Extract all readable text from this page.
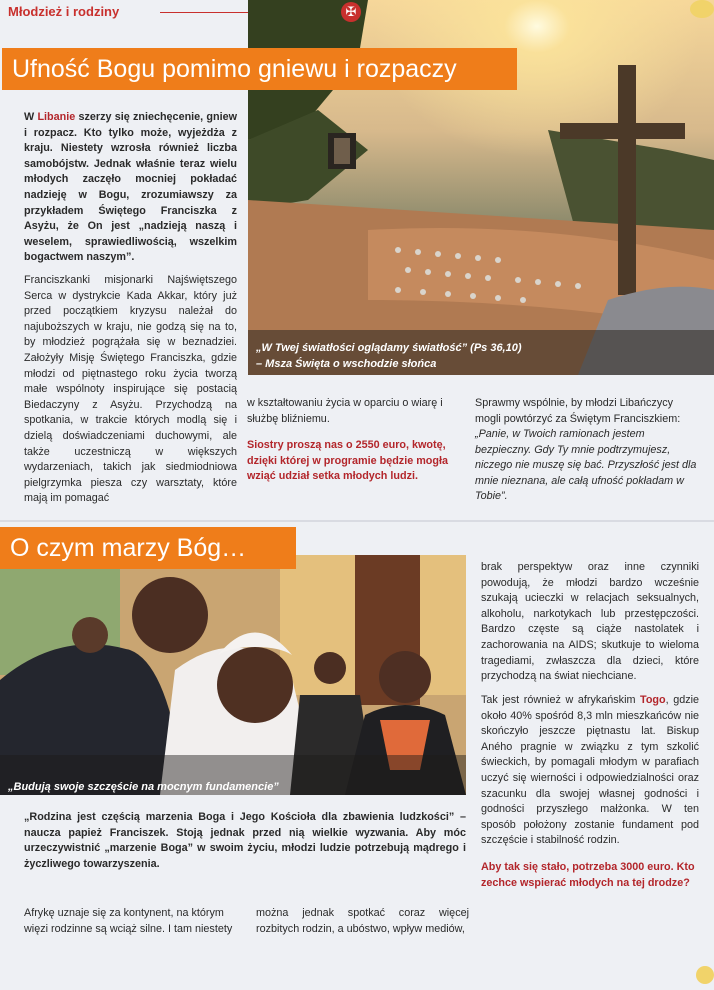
Młodzież i rodziny
„W Twej światłości oglądamy światłość” (Ps 36,10)
– Msza Święta o wschodzie słońca
✠
Ufność Bogu pomimo gniewu i rozpaczy
W Libanie szerzy się zniechęcenie, gniew i rozpacz. Kto tylko może, wyjeżdża z kraju. Niestety wzrosła również liczba samobójstw. Jednak właśnie teraz wielu młodych zaczęło mocniej pokładać nadzieję w Bogu, zrozumiawszy za przykładem Świętego Franciszka z Asyżu, że On jest „nadzieją naszą i weselem, sprawiedliwością, wszelkim bogactwem naszym”.
Franciszkanki misjonarki Najświętszego Serca w dystrykcie Kada Akkar, który już przed początkiem kryzysu należał do najuboższych w kraju, nie godzą się na to, by młodzież pogrążała się w beznadziei. Założyły Misję Świętego Franciszka, gdzie młodzi od piętnastego roku życia tworzą małe wspólnoty inspirujące się postacią Biedaczyny z Asyżu. Przychodzą na spotkania, w trakcie których modlą się i dzielą doświadczeniami duchowymi, ale także uczestniczą w większych wydarzeniach, takich jak siedmiodniowa pielgrzymka piesza czy warsztaty, które mają im pomagać
w kształtowaniu życia w oparciu o wiarę i służbę bliźniemu.
Siostry proszą nas o 2550 euro, kwotę, dzięki której w programie będzie mogła wziąć udział setka młodych ludzi.
Sprawmy wspólnie, by młodzi Libańczycy mogli powtórzyć za Świętym Franciszkiem:
„Panie, w Twoich ramionach jestem bezpieczny. Gdy Ty mnie podtrzymujesz, niczego nie muszę się bać. Przyszłość jest dla mnie nieznana, ale całą ufność pokładam w Tobie”.
„Budują swoje szczęście na mocnym fundamencie”
O czym marzy Bóg…
brak perspektyw oraz inne czynniki powodują, że młodzi bardzo wcześnie szukają ucieczki w relacjach seksualnych, alkoholu, narkotykach lub przestępczości. Bardzo częste są ciąże nastolatek i zachorowania na AIDS; skutkuje to wieloma tragediami, zwłaszcza dla dzieci, które przychodzą na świat niechciane.
Tak jest również w afrykańskim Togo, gdzie około 40% spośród 8,3 mln mieszkańców nie skończyło jeszcze piętnastu lat. Biskup Aného pragnie w związku z tym szkolić świeckich, by pomagali młodym w parafiach uczyć się wierności i odpowiedzialności oraz szacunku dla swojej własnej godności i godności przyszłego małżonka. W ten sposób położony zostanie fundament pod szczęście i stabilność rodzin.
Aby tak się stało, potrzeba 3000 euro. Kto zechce wspierać młodych na tej drodze?
„Rodzina jest częścią marzenia Boga i Jego Kościoła dla zbawienia ludzkości” – naucza papież Franciszek. Stoją jednak przed nią wielkie wyzwania. Aby móc urzeczywistnić „marzenie Boga” w swoim życiu, młodzi ludzie potrzebują mądrego i życzliwego towarzyszenia.
Afrykę uznaje się za kontynent, na którym więzi rodzinne są wciąż silne. I tam niestety
można jednak spotkać coraz więcej rozbitych rodzin, a ubóstwo, wpływ mediów,
